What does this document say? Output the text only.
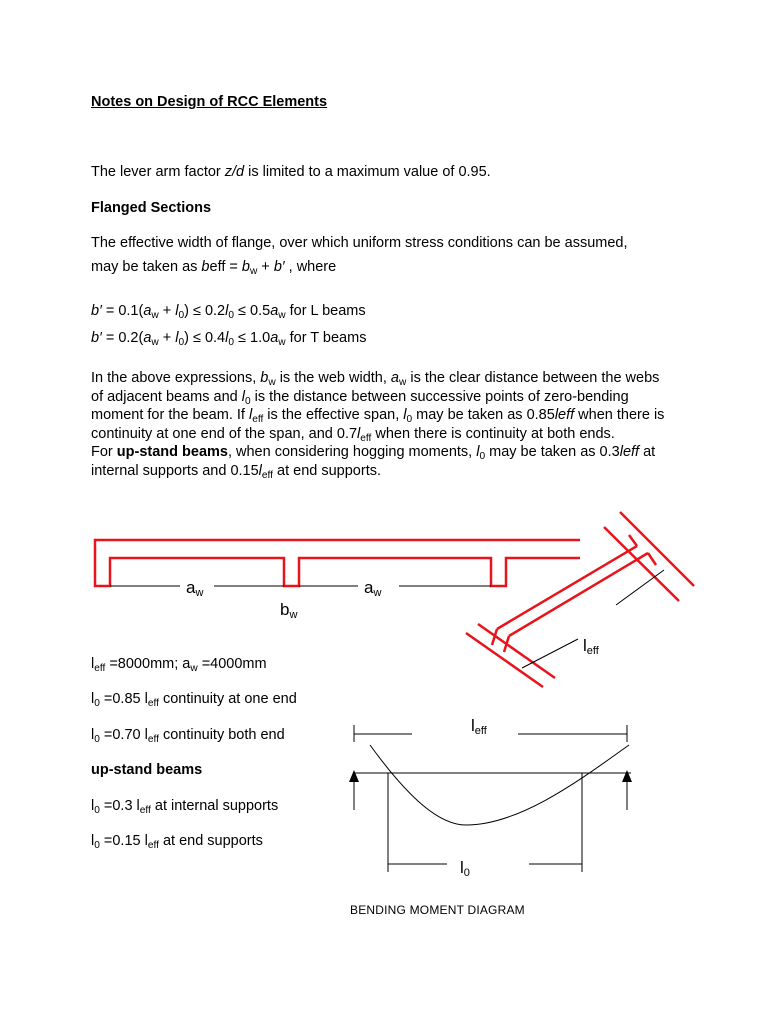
Notes on Design of RCC Elements
The lever arm factor z/d is limited to a maximum value of 0.95.
Flanged Sections
The effective width of flange, over which uniform stress conditions can be assumed,
may be taken as beff = $b_w + b'$ , where
$b' = 0.1(a_w + l_0) \le 0.2l_0 \le 0.5a_w$ for L beams
$b' = 0.2(a_w + l_0) \le 0.4l_0 \le 1.0a_w$ for T beams
In the above expressions, $b_w$ is the web width, $a_w$ is the clear distance between the webs of adjacent beams and $l_0$ is the distance between successive points of zero-bending moment for the beam. If $l_{eff}$ is the effective span, $l_0$ may be taken as 0.85leff when there is continuity at one end of the span, and $0.7l_{eff}$ when there is continuity at both ends.
For up-stand beams, when considering hogging moments, $l_0$ may be taken as 0.3leff at internal supports and $0.15l_{eff}$ at end supports.
aw	aw
bw
leff
leff
l0
$l_{eff} =8000mm$; $a_w =4000mm$
$l_0 =0.85$ $l_{eff}$ continuity at one end
$l_0 =0.70$ $l_{eff}$ continuity both end
up-stand beams
$l_0 =0.3$ $l_{eff}$ at internal supports
$l_0 =0.15$ $l_{eff}$ at end supports
BENDING MOMENT DIAGRAM
